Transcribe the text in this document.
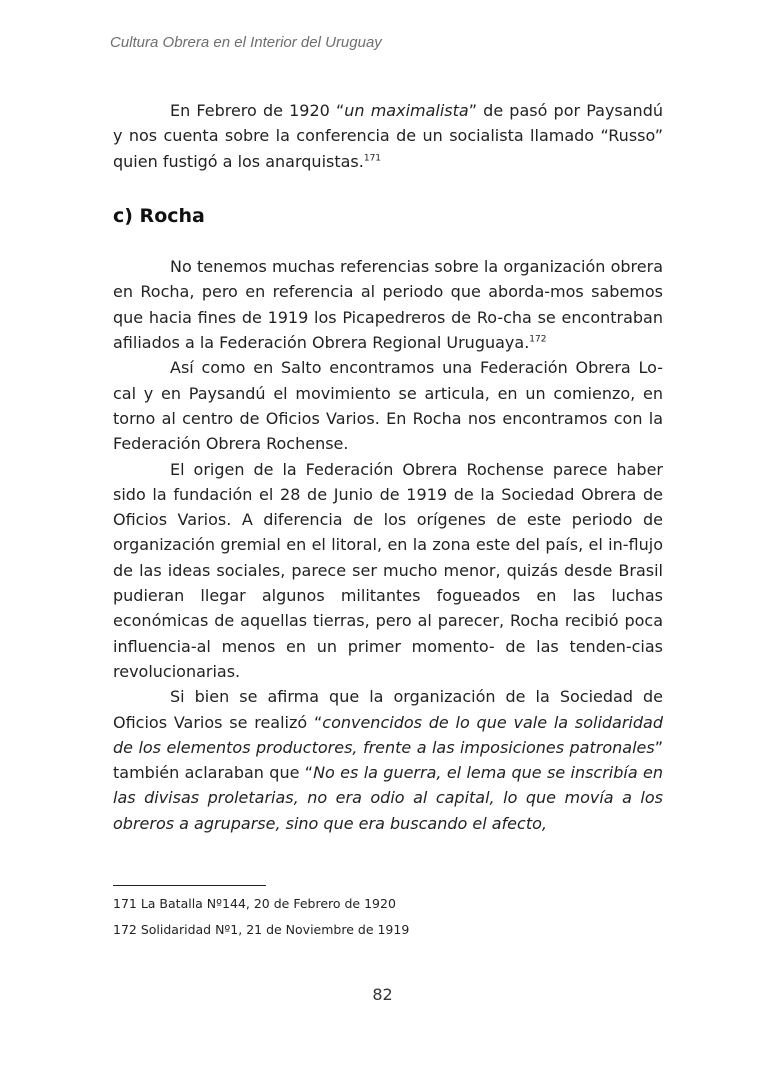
Cultura Obrera en el Interior del Uruguay

En Febrero de 1920 “un maximalista” de pasó por Paysandú y nos cuenta sobre la conferencia de un socialista llamado “Russo” quien fustigó a los anarquistas.$^{171}$

c) Rocha

No tenemos muchas referencias sobre la organización obrera en Rocha, pero en referencia al periodo que aborda-mos sabemos que hacia fines de 1919 los Picapedreros de Ro-cha se encontraban afiliados a la Federación Obrera Regional Uruguaya.$^{172}$

Así como en Salto encontramos una Federación Obrera Lo-cal y en Paysandú el movimiento se articula, en un comienzo, en torno al centro de Oficios Varios. En Rocha nos encontramos con la Federación Obrera Rochense.

El origen de la Federación Obrera Rochense parece haber sido la fundación el 28 de Junio de 1919 de la Sociedad Obrera de Oficios Varios. A diferencia de los orígenes de este periodo de organización gremial en el litoral, en la zona este del país, el in-flujo de las ideas sociales, parece ser mucho menor, quizás desde Brasil pudieran llegar algunos militantes fogueados en las luchas económicas de aquellas tierras, pero al parecer, Rocha recibió poca influencia-al menos en un primer momento- de las tenden-cias revolucionarias.

Si bien se afirma que la organización de la Sociedad de Oficios Varios se realizó “convencidos de lo que vale la solidaridad de los elementos productores, frente a las imposiciones patronales” también aclaraban que “No es la guerra, el lema que se inscribía en las divisas proletarias, no era odio al capital, lo que movía a los obreros a agruparse, sino que era buscando el afecto,

171 La Batalla Nº144, 20 de Febrero de 1920
172 Solidaridad Nº1, 21 de Noviembre de 1919
82
